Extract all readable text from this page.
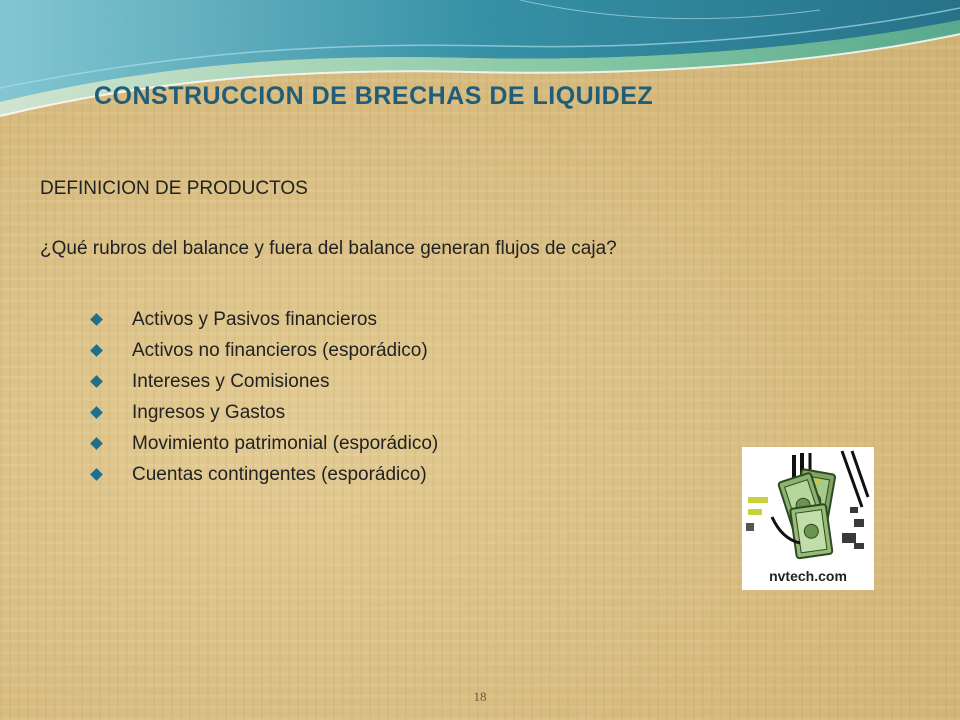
CONSTRUCCION DE BRECHAS DE LIQUIDEZ
DEFINICION DE PRODUCTOS
¿Qué rubros del balance y fuera del balance generan flujos de caja?
Activos y Pasivos financieros
Activos no financieros (esporádico)
Intereses y Comisiones
Ingresos y Gastos
Movimiento patrimonial (esporádico)
Cuentas contingentes (esporádico)	$
nvtech.com
18
